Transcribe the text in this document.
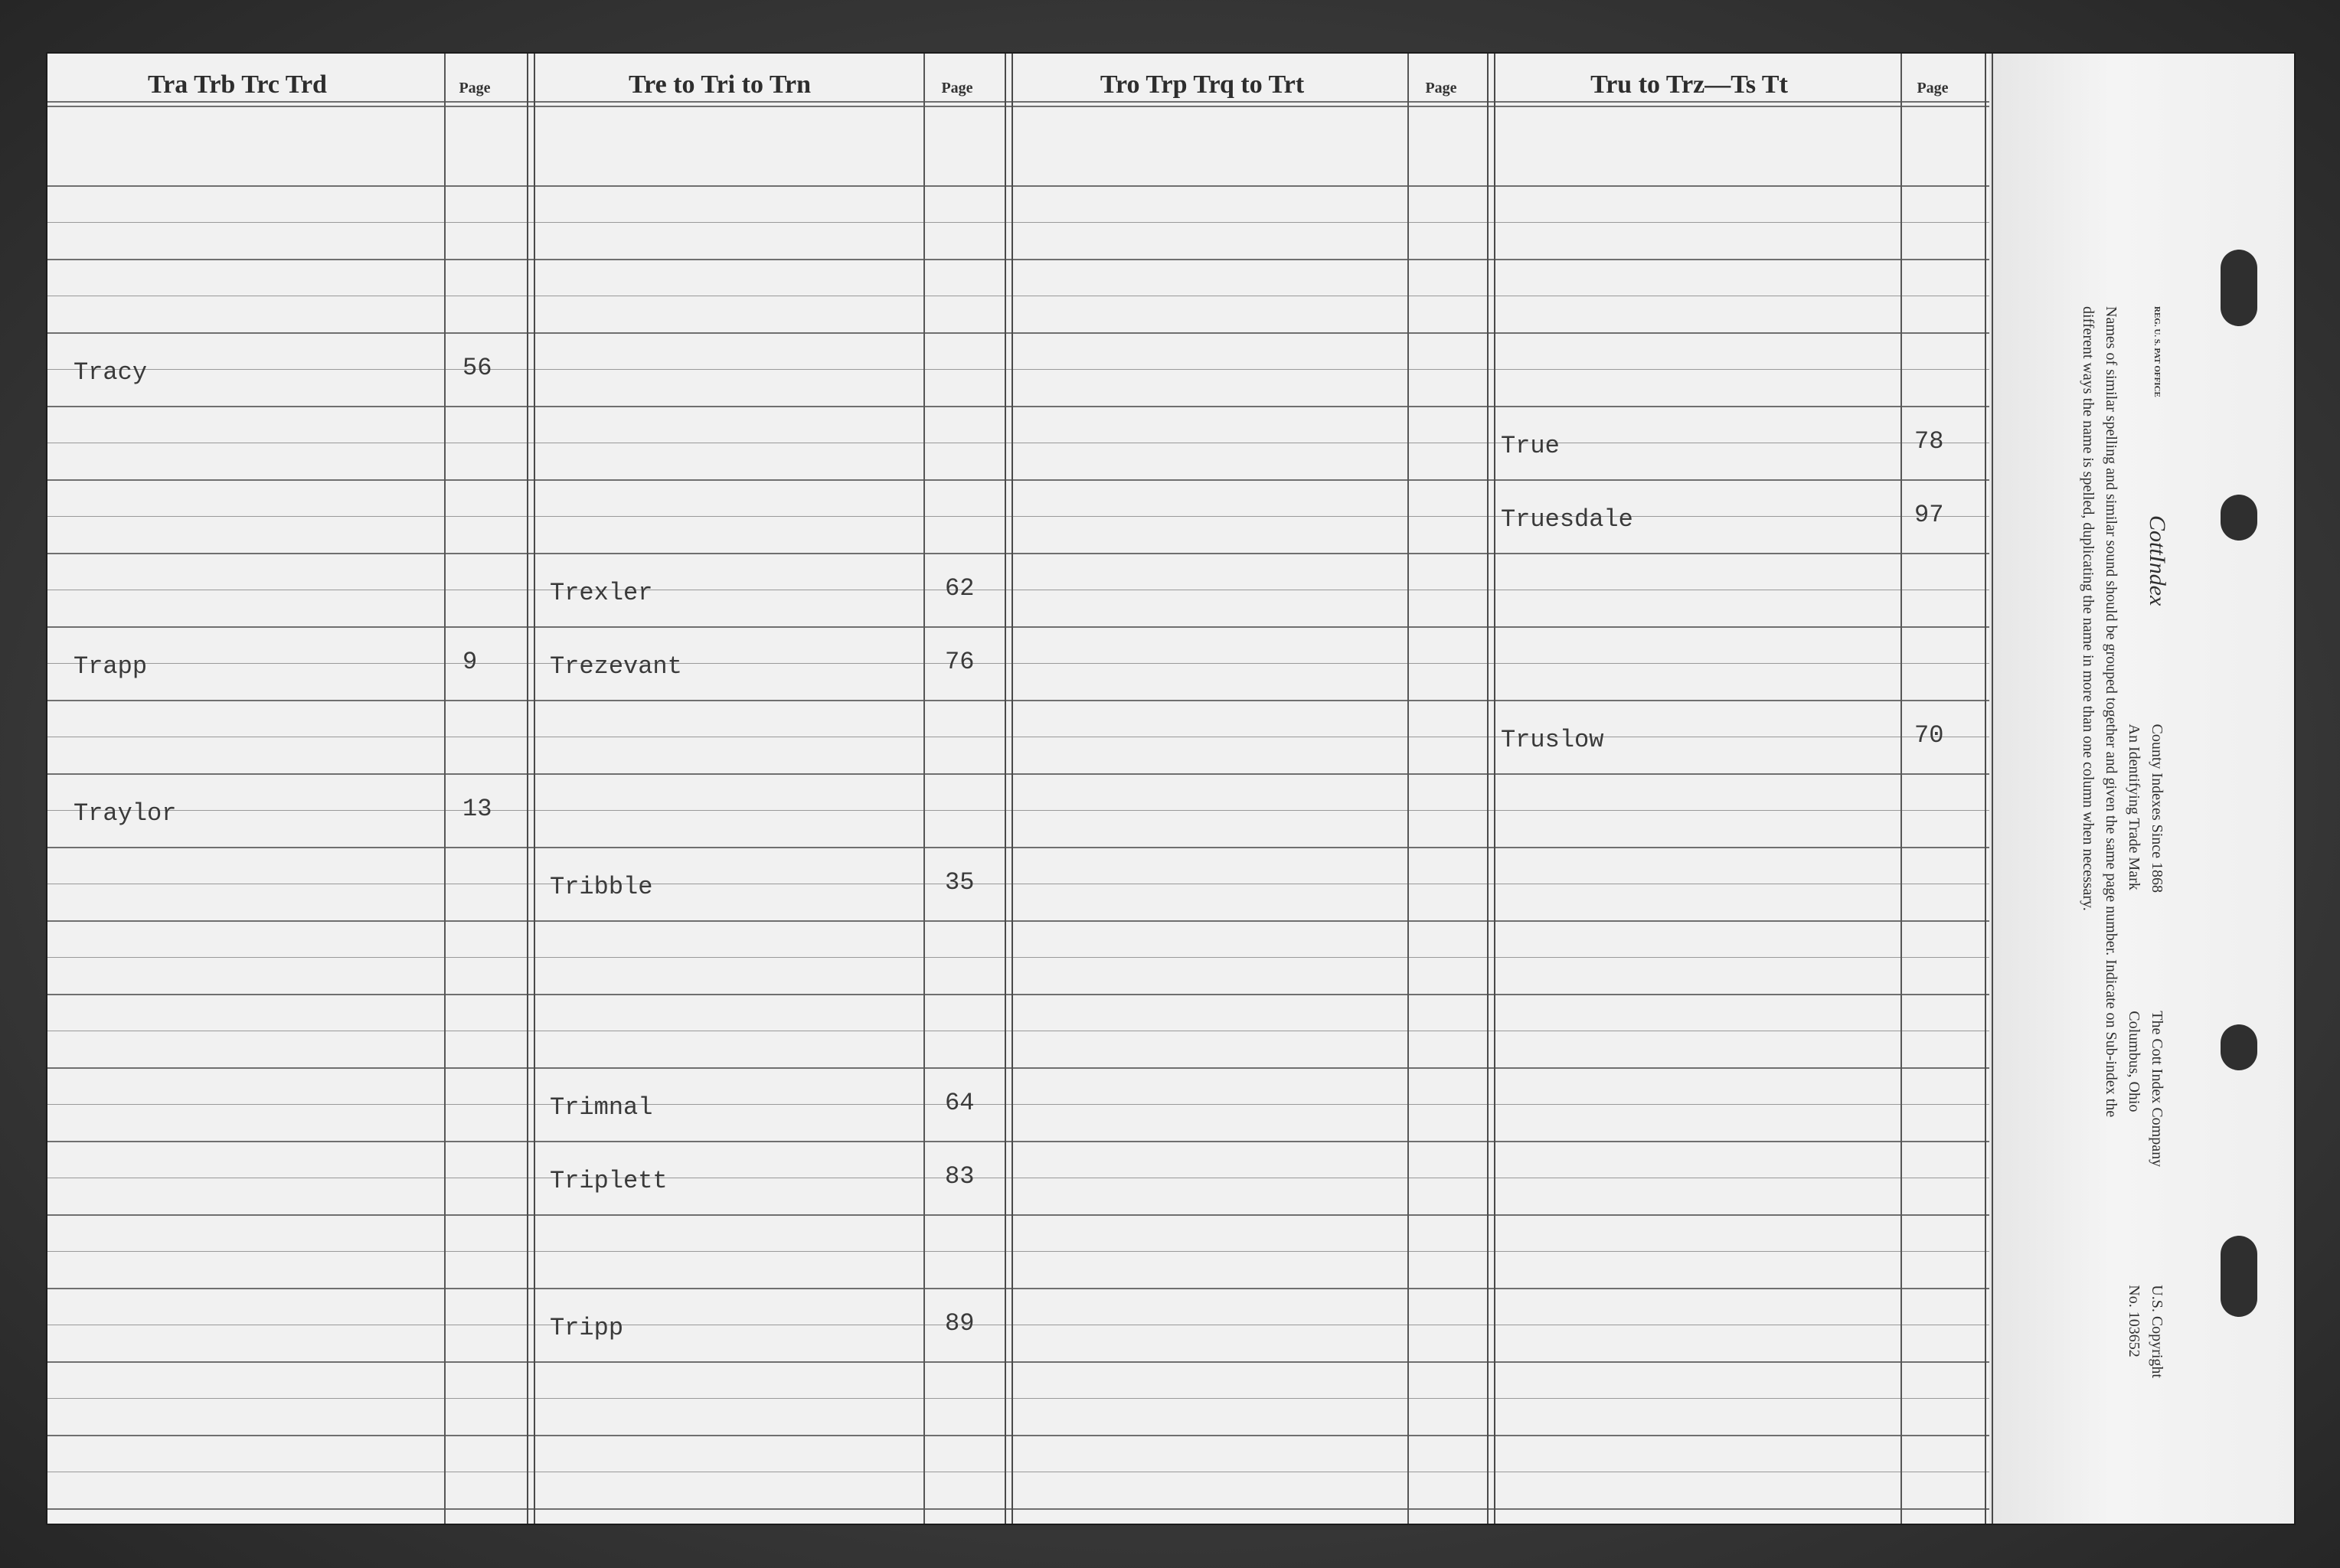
Tra Trb Trc Trd	Page	Tre to Tri to Trn	Page	Tro Trp Trq to Trt	Page	Tru to Trz—Ts Tt	Page
Tracy	56
Trapp	9
Traylor	13
Trexler	62
Trezevant	76
Tribble	35
Trimnal	64
Triplett	83
Tripp	89
True	78
Truesdale	97
Truslow	70
REG. U. S. PAT OFFICE
CottIndex
County Indexes Since 1868
An Identifying Trade Mark
The Cott Index Company
Columbus, Ohio
U.S. Copyright
No. 103652
Names of similar spelling and similar sound should be grouped together and given the same page number. Indicate on Sub-index the
different ways the name is spelled, duplicating the name in more than one column when necessary.
